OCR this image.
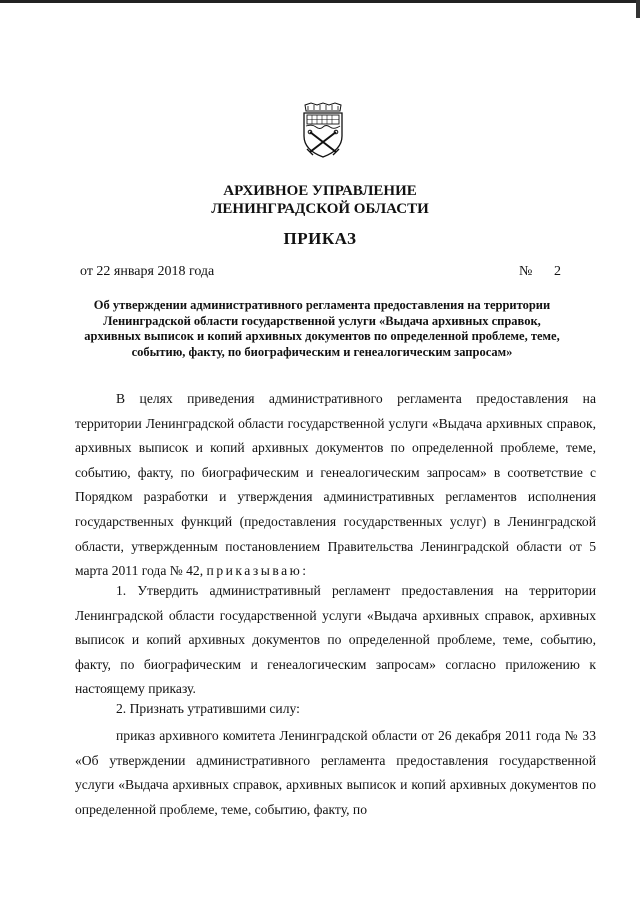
АРХИВНОЕ УПРАВЛЕНИЕ
ЛЕНИНГРАДСКОЙ ОБЛАСТИ
ПРИКАЗ
от 22 января 2018 года	№ 2
Об утверждении административного регламента предоставления на территории
Ленинградской области государственной услуги «Выдача архивных справок,
архивных выписок и копий архивных документов по определенной проблеме, теме,
событию, факту, по биографическим и генеалогическим запросам»

В целях приведения административного регламента предоставления на территории Ленинградской области государственной услуги «Выдача архивных справок, архивных выписок и копий архивных документов по определенной проблеме, теме, событию, факту, по биографическим и генеалогическим запросам» в соответствие с Порядком разработки и утверждения административных регламентов исполнения государственных функций (предоставления государственных услуг) в Ленинградской области, утвержденным постановлением Правительства Ленинградской области от 5 марта 2011 года № 42, приказываю:

1. Утвердить административный регламент предоставления на территории Ленинградской области государственной услуги «Выдача архивных справок, архивных выписок и копий архивных документов по определенной проблеме, теме, событию, факту, по биографическим и генеалогическим запросам» согласно приложению к настоящему приказу.

2. Признать утратившими силу:

приказ архивного комитета Ленинградской области от 26 декабря 2011 года № 33 «Об утверждении административного регламента предоставления государственной услуги «Выдача архивных справок, архивных выписок и копий архивных документов по определенной проблеме, теме, событию, факту, по
